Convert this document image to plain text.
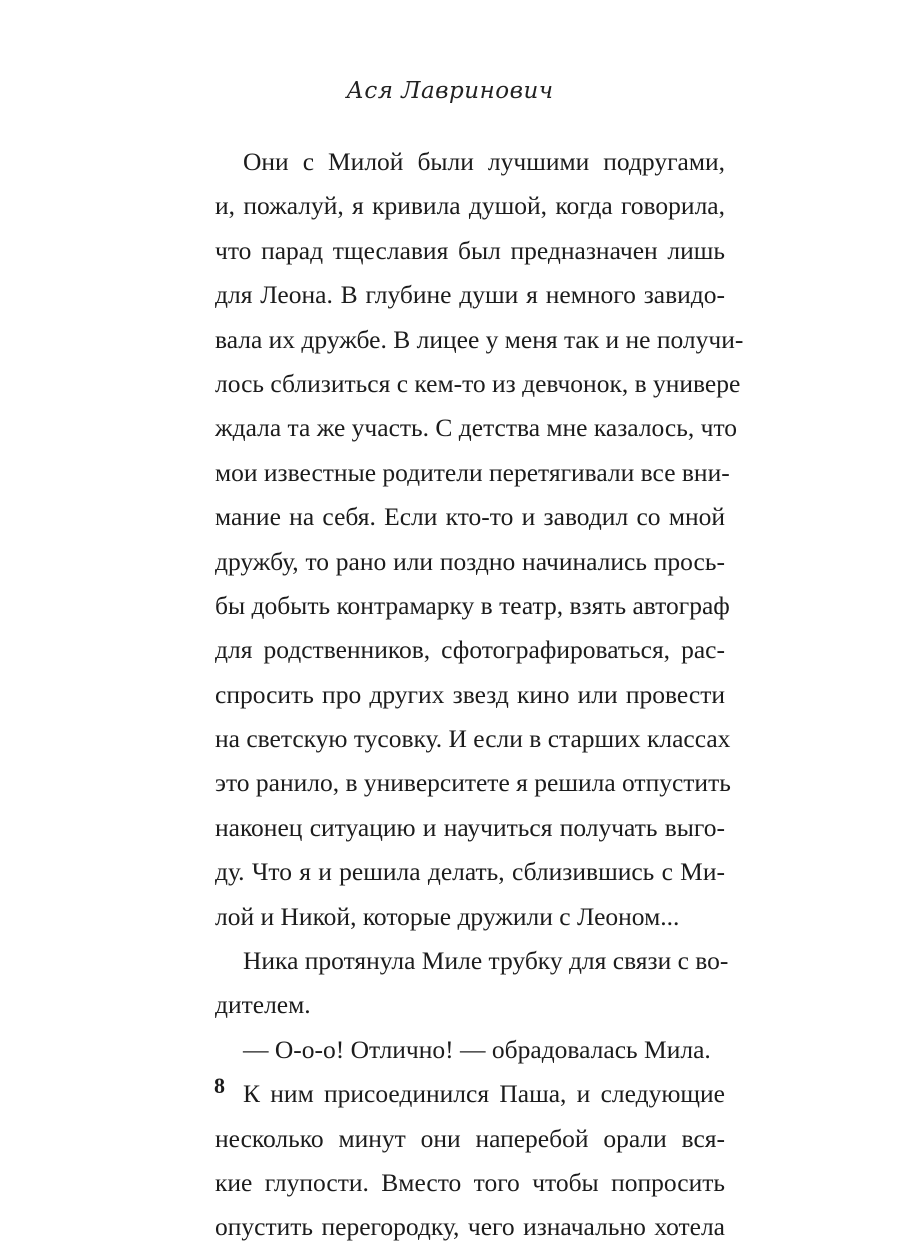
Ася Лавринович
Они с Милой были лучшими подругами,
и, пожалуй, я кривила душой, когда говорила,
что парад тщеславия был предназначен лишь
для Леона. В глубине души я немного завидо-
вала их дружбе. В лицее у меня так и не получи-
лось сблизиться с кем-то из девчонок, в универе
ждала та же участь. С детства мне казалось, что
мои известные родители перетягивали все вни-
мание на себя. Если кто-то и заводил со мной
дружбу, то рано или поздно начинались прось-
бы добыть контрамарку в театр, взять автограф
для родственников, сфотографироваться, рас-
спросить про других звезд кино или провести
на светскую тусовку. И если в старших классах
это ранило, в университете я решила отпустить
наконец ситуацию и научиться получать выго-
ду. Что я и решила делать, сблизившись с Ми-
лой и Никой, которые дружили с Леоном...
Ника протянула Миле трубку для связи с во-
дителем.
— О-о-о! Отлично! — обрадовалась Мила.
К ним присоединился Паша, и следующие
несколько минут они наперебой орали вся-
кие глупости. Вместо того чтобы попросить
опустить перегородку, чего изначально хотела
8
